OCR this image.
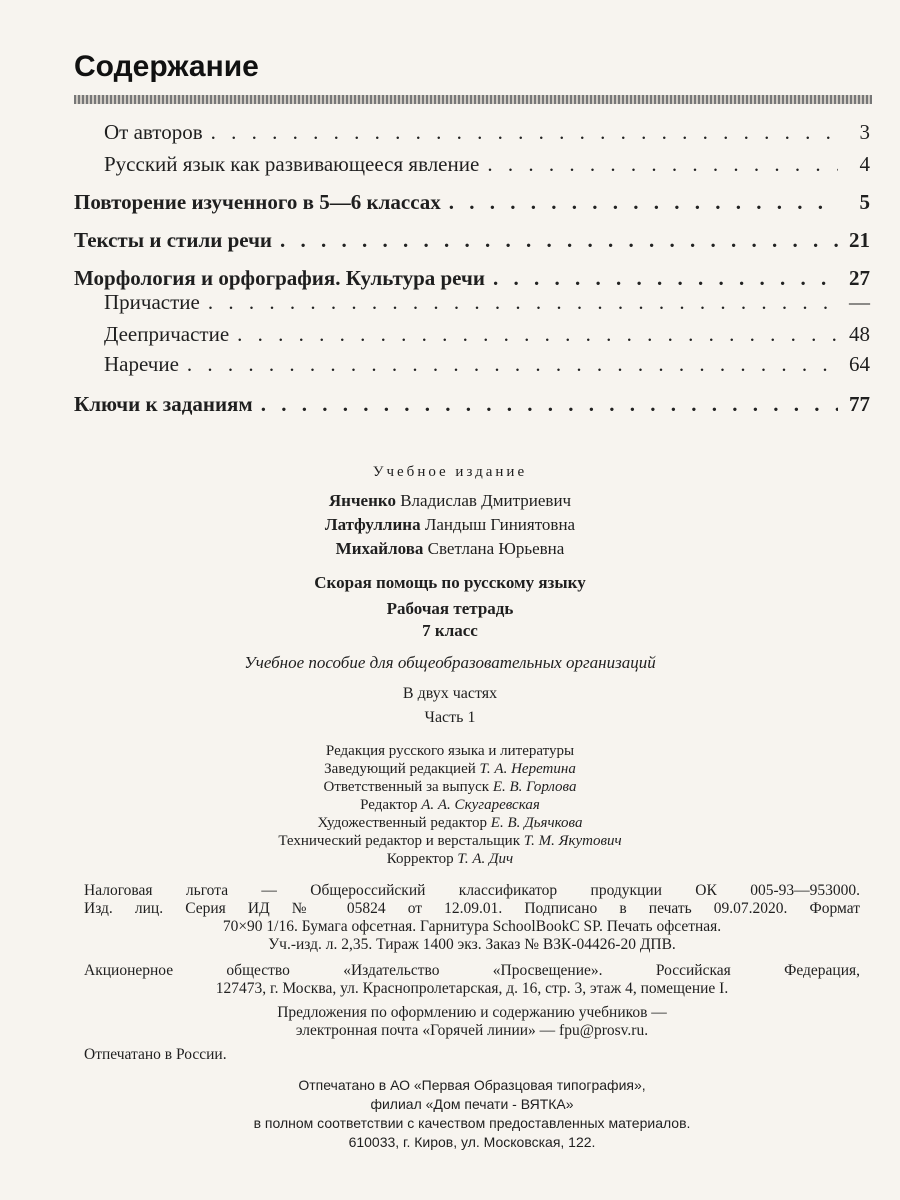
Содержание
От авторов . . .	3
Русский язык как развивающееся явление . . .	4
Повторение изученного в 5—6 классах . . .	5
Тексты и стили речи . . .	21
Морфология и орфография. Культура речи . . .	27
Причастие . . .	—
Деепричастие . . .	48
Наречие . . .	64
Ключи к заданиям . . .	77
Учебное издание
Янченко Владислав Дмитриевич
Латфуллина Ландыш Гиниятовна
Михайлова Светлана Юрьевна
Скорая помощь по русскому языку
Рабочая тетрадь
7 класс
Учебное пособие для общеобразовательных организаций
В двух частях
Часть 1
Редакция русского языка и литературы
Заведующий редакцией Т. А. Неретина
Ответственный за выпуск Е. В. Горлова
Редактор А. А. Скугаревская
Художественный редактор Е. В. Дьячкова
Технический редактор и верстальщик Т. М. Якутович
Корректор Т. А. Дич
Налоговая льгота — Общероссийский классификатор продукции ОК 005-93—953000.
Изд. лиц. Серия ИД № 05824 от 12.09.01. Подписано в печать 09.07.2020. Формат
70×90 1/16. Бумага офсетная. Гарнитура SchoolBookC SP. Печать офсетная.
Уч.-изд. л. 2,35. Тираж 1400 экз. Заказ № ВЗК-04426-20 ДПВ.
Акционерное общество «Издательство «Просвещение». Российская Федерация,
127473, г. Москва, ул. Краснопролетарская, д. 16, стр. 3, этаж 4, помещение I.
Предложения по оформлению и содержанию учебников —
электронная почта «Горячей линии» — fpu@prosv.ru.
Отпечатано в России.
Отпечатано в АО «Первая Образцовая типография»,
филиал «Дом печати - ВЯТКА»
в полном соответствии с качеством предоставленных материалов.
610033, г. Киров, ул. Московская, 122.
